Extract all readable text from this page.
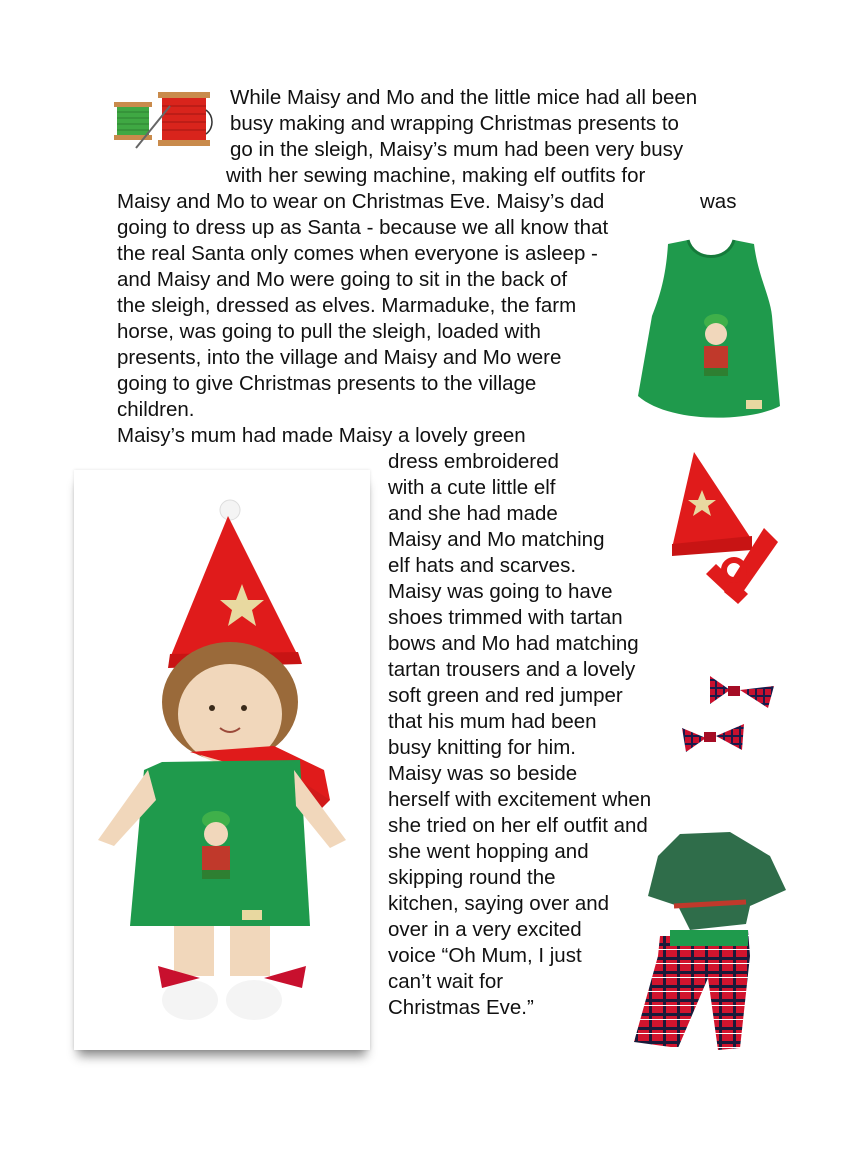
While Maisy and Mo and the little mice had all been
busy making and wrapping Christmas presents to
go in the sleigh, Maisy’s mum had been very busy
with her sewing machine, making elf outfits for
Maisy and Mo to wear on Christmas Eve. Maisy’s dad	was
going to dress up as Santa - because we all know that
the real Santa only comes when everyone is asleep -
and Maisy and Mo were going to sit in the back of
the sleigh, dressed as elves. Marmaduke, the farm
horse, was going to pull the sleigh, loaded with
presents, into the village and Maisy and Mo were
going to give Christmas presents to the village
children.
Maisy’s mum had made Maisy a lovely green
dress embroidered
with a cute little elf
and she had made
Maisy and Mo matching
elf hats and scarves.
Maisy was going to have
shoes trimmed with tartan
bows and Mo had matching
tartan trousers and a lovely
soft green and red jumper
that his mum had been
busy knitting for him.
Maisy was so beside
herself with excitement when
she tried on her elf outfit and
she went hopping and
skipping round the
kitchen, saying over and
over in a very excited
voice “Oh Mum, I just
can’t wait for
Christmas Eve.”
